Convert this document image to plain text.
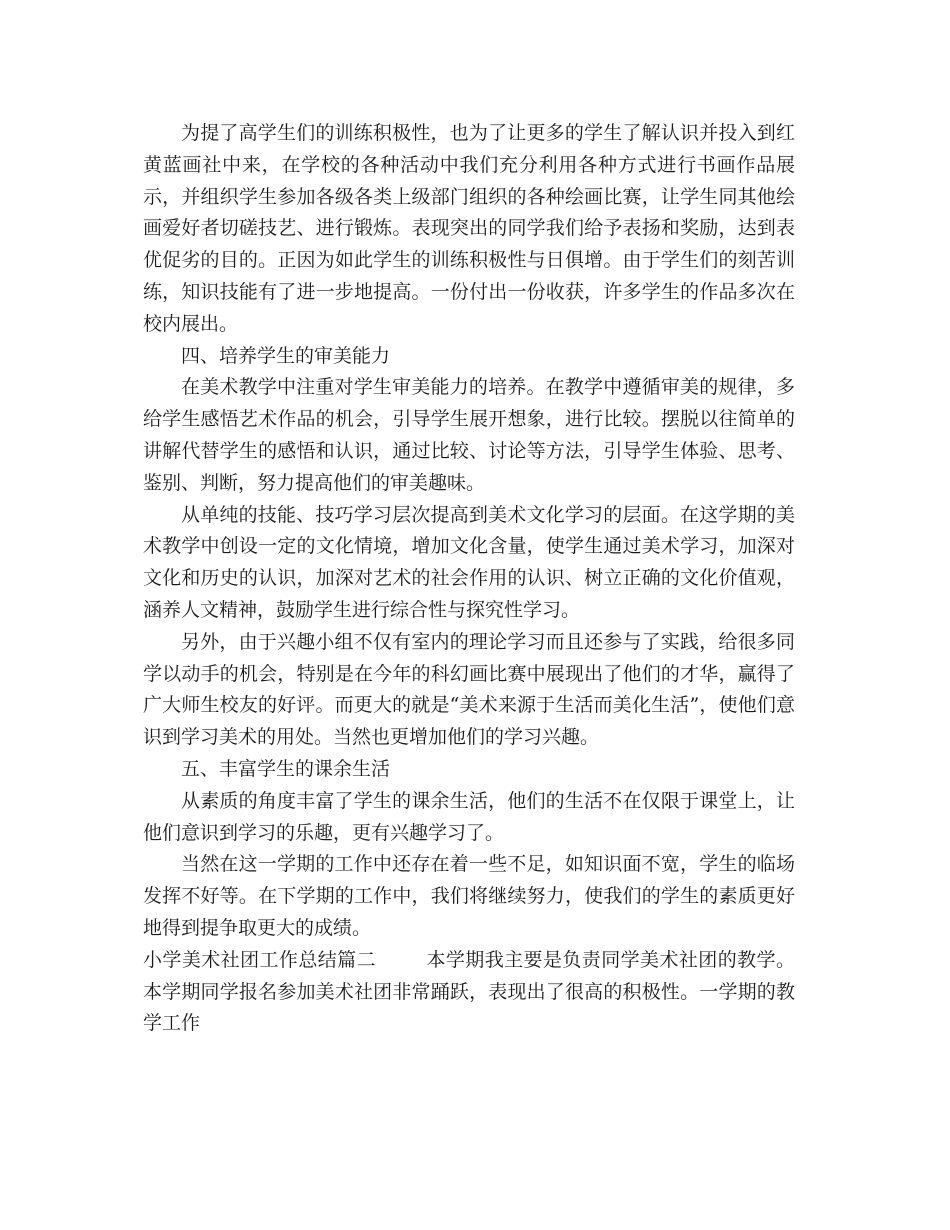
为提了高学生们的训练积极性，也为了让更多的学生了解认识并投入到红黄蓝画社中来，在学校的各种活动中我们充分利用各种方式进行书画作品展示，并组织学生参加各级各类上级部门组织的各种绘画比赛，让学生同其他绘画爱好者切磋技艺、进行锻炼。表现突出的同学我们给予表扬和奖励，达到表优促劣的目的。正因为如此学生的训练积极性与日俱增。由于学生们的刻苦训练，知识技能有了进一步地提高。一份付出一份收获，许多学生的作品多次在校内展出。

四、培养学生的审美能力

在美术教学中注重对学生审美能力的培养。在教学中遵循审美的规律，多给学生感悟艺术作品的机会，引导学生展开想象，进行比较。摆脱以往简单的讲解代替学生的感悟和认识，通过比较、讨论等方法，引导学生体验、思考、鉴别、判断，努力提高他们的审美趣味。

从单纯的技能、技巧学习层次提高到美术文化学习的层面。在这学期的美术教学中创设一定的文化情境，增加文化含量，使学生通过美术学习，加深对文化和历史的认识，加深对艺术的社会作用的认识、树立正确的文化价值观，涵养人文精神，鼓励学生进行综合性与探究性学习。

另外，由于兴趣小组不仅有室内的理论学习而且还参与了实践，给很多同学以动手的机会，特别是在今年的科幻画比赛中展现出了他们的才华，赢得了广大师生校友的好评。而更大的就是“美术来源于生活而美化生活”，使他们意识到学习美术的用处。当然也更增加他们的学习兴趣。

五、丰富学生的课余生活

从素质的角度丰富了学生的课余生活，他们的生活不在仅限于课堂上，让他们意识到学习的乐趣，更有兴趣学习了。

当然在这一学期的工作中还存在着一些不足，如知识面不宽，学生的临场发挥不好等。在下学期的工作中，我们将继续努力，使我们的学生的素质更好地得到提争取更大的成绩。

小学美术社团工作总结篇二	本学期我主要是负责同学美术社团的教学。本学期同学报名参加美术社团非常踊跃，表现出了很高的积极性。一学期的教学工作
